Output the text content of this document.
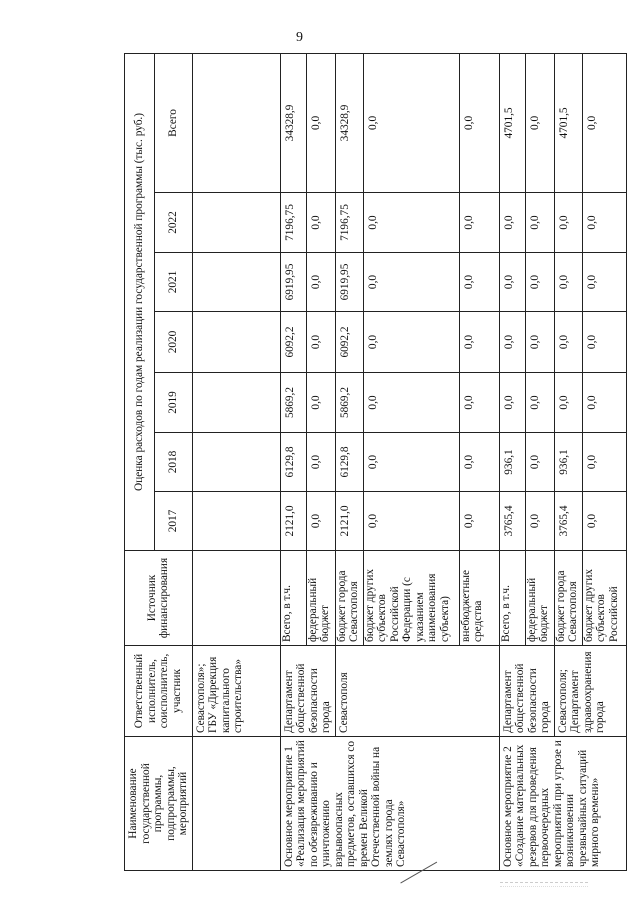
9
Наименование государственной программы, подпрограммы, мероприятий	Ответственный исполнитель, соисполнитель, участник	Источник финансирования	Оценка расходов по годам реализации государственной программы (тыс. руб.)						
			2017	2018	2019	2020	2021	2022	Всего
	Севастополя»; ГБУ «Дирекция капитального строительства»								
Основное мероприятие 1 «Реализация мероприятий по обезвреживанию и уничтожению взрывоопасных предметов, оставшихся со времен Великой Отечественной войны на землях города Севастополя»	Департамент общественной безопасности города	Всего, в т.ч.	2121,0	6129,8	5869,2	6092,2	6919,95	7196,75	34328,9
		федеральный бюджет	0,0	0,0	0,0	0,0	0,0	0,0	0,0
	Севастополя	бюджет города Севастополя	2121,0	6129,8	5869,2	6092,2	6919,95	7196,75	34328,9
		бюджет других субъектов Российской Федерации (с указанием наименования субъекта)	0,0	0,0	0,0	0,0	0,0	0,0	0,0
		внебюджетные средства	0,0	0,0	0,0	0,0	0,0	0,0	0,0
Основное мероприятие 2 «Создание материальных резервов для проведения первоочередных мероприятий при угрозе и возникновении чрезвычайных ситуаций мирного времени»	Департамент общественной безопасности города	Всего, в т.ч.	3765,4	936,1	0,0	0,0	0,0	0,0	4701,5
		федеральный бюджет	0,0	0,0	0,0	0,0	0,0	0,0	0,0
	Севастополя; Департамент здравоохранения города	бюджет города Севастополя	3765,4	936,1	0,0	0,0	0,0	0,0	4701,5
		бюджет других субъектов Российской	0,0	0,0	0,0	0,0	0,0	0,0	0,0
